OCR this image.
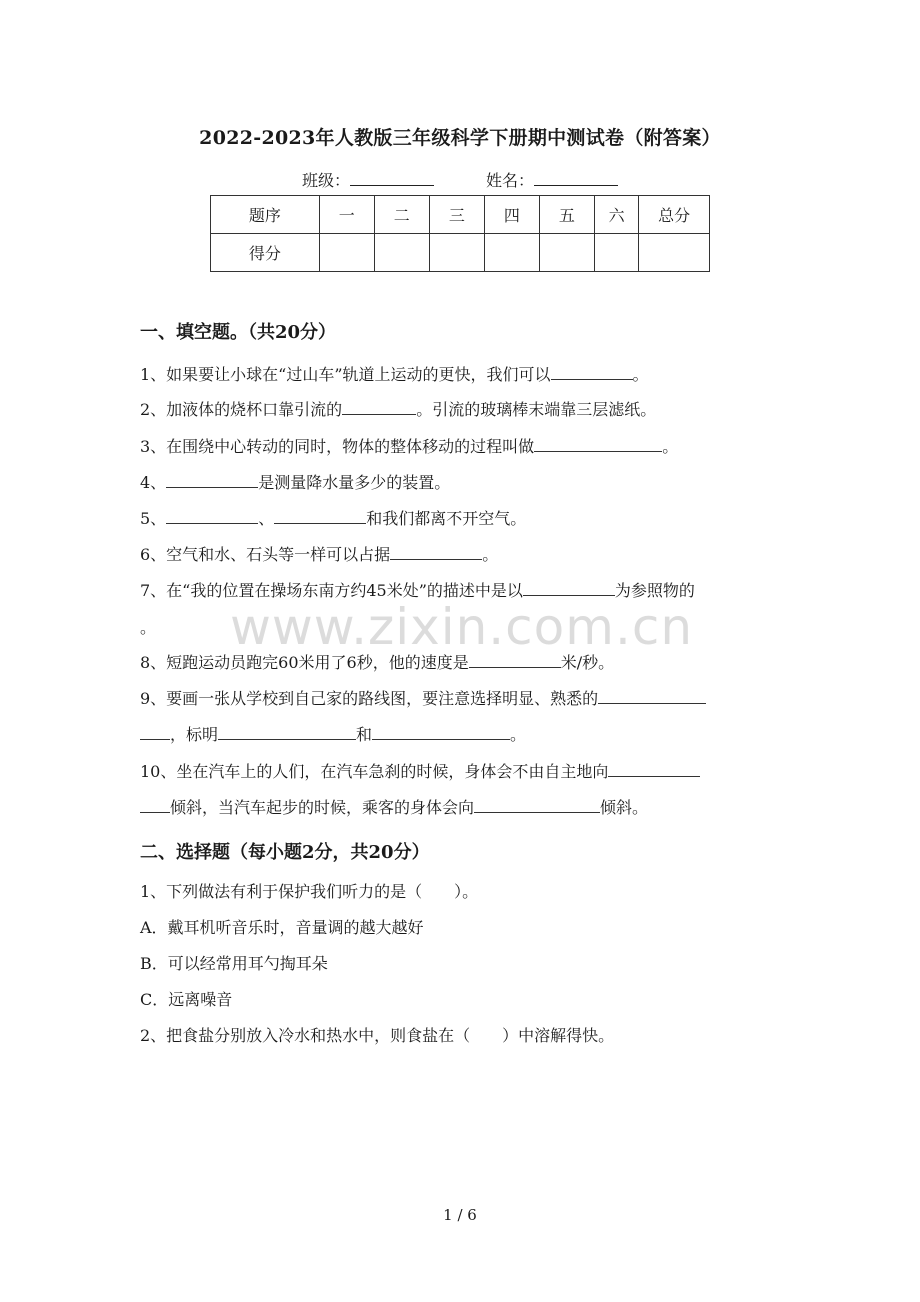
2022-2023年人教版三年级科学下册期中测试卷（附答案）
班级：	姓名：
题序	一	二	三	四	五	六	总分
得分							
一、填空题。（共20分）
1、如果要让小球在“过山车”轨道上运动的更快，我们可以	。
2、加液体的烧杯口靠引流的	。引流的玻璃棒末端靠三层滤纸。
3、在围绕中心转动的同时，物体的整体移动的过程叫做	。
4、	是测量降水量多少的装置。
5、	、	和我们都离不开空气。
6、空气和水、石头等一样可以占据	。
7、在“我的位置在操场东南方约45米处”的描述中是以	为参照物的
。	www.zixin.com.cn
8、短跑运动员跑完60米用了6秒，他的速度是	米/秒。
9、要画一张从学校到自己家的路线图，要注意选择明显、熟悉的
，标明	和	。
10、坐在汽车上的人们，在汽车急刹的时候，身体会不由自主地向
倾斜，当汽车起步的时候，乘客的身体会向	倾斜。
二、选择题（每小题2分，共20分）
1、下列做法有利于保护我们听力的是（　　）。
A．戴耳机听音乐时，音量调的越大越好
B．可以经常用耳勺掏耳朵
C．远离噪音
2、把食盐分别放入冷水和热水中，则食盐在（　　）中溶解得快。
1 / 6
